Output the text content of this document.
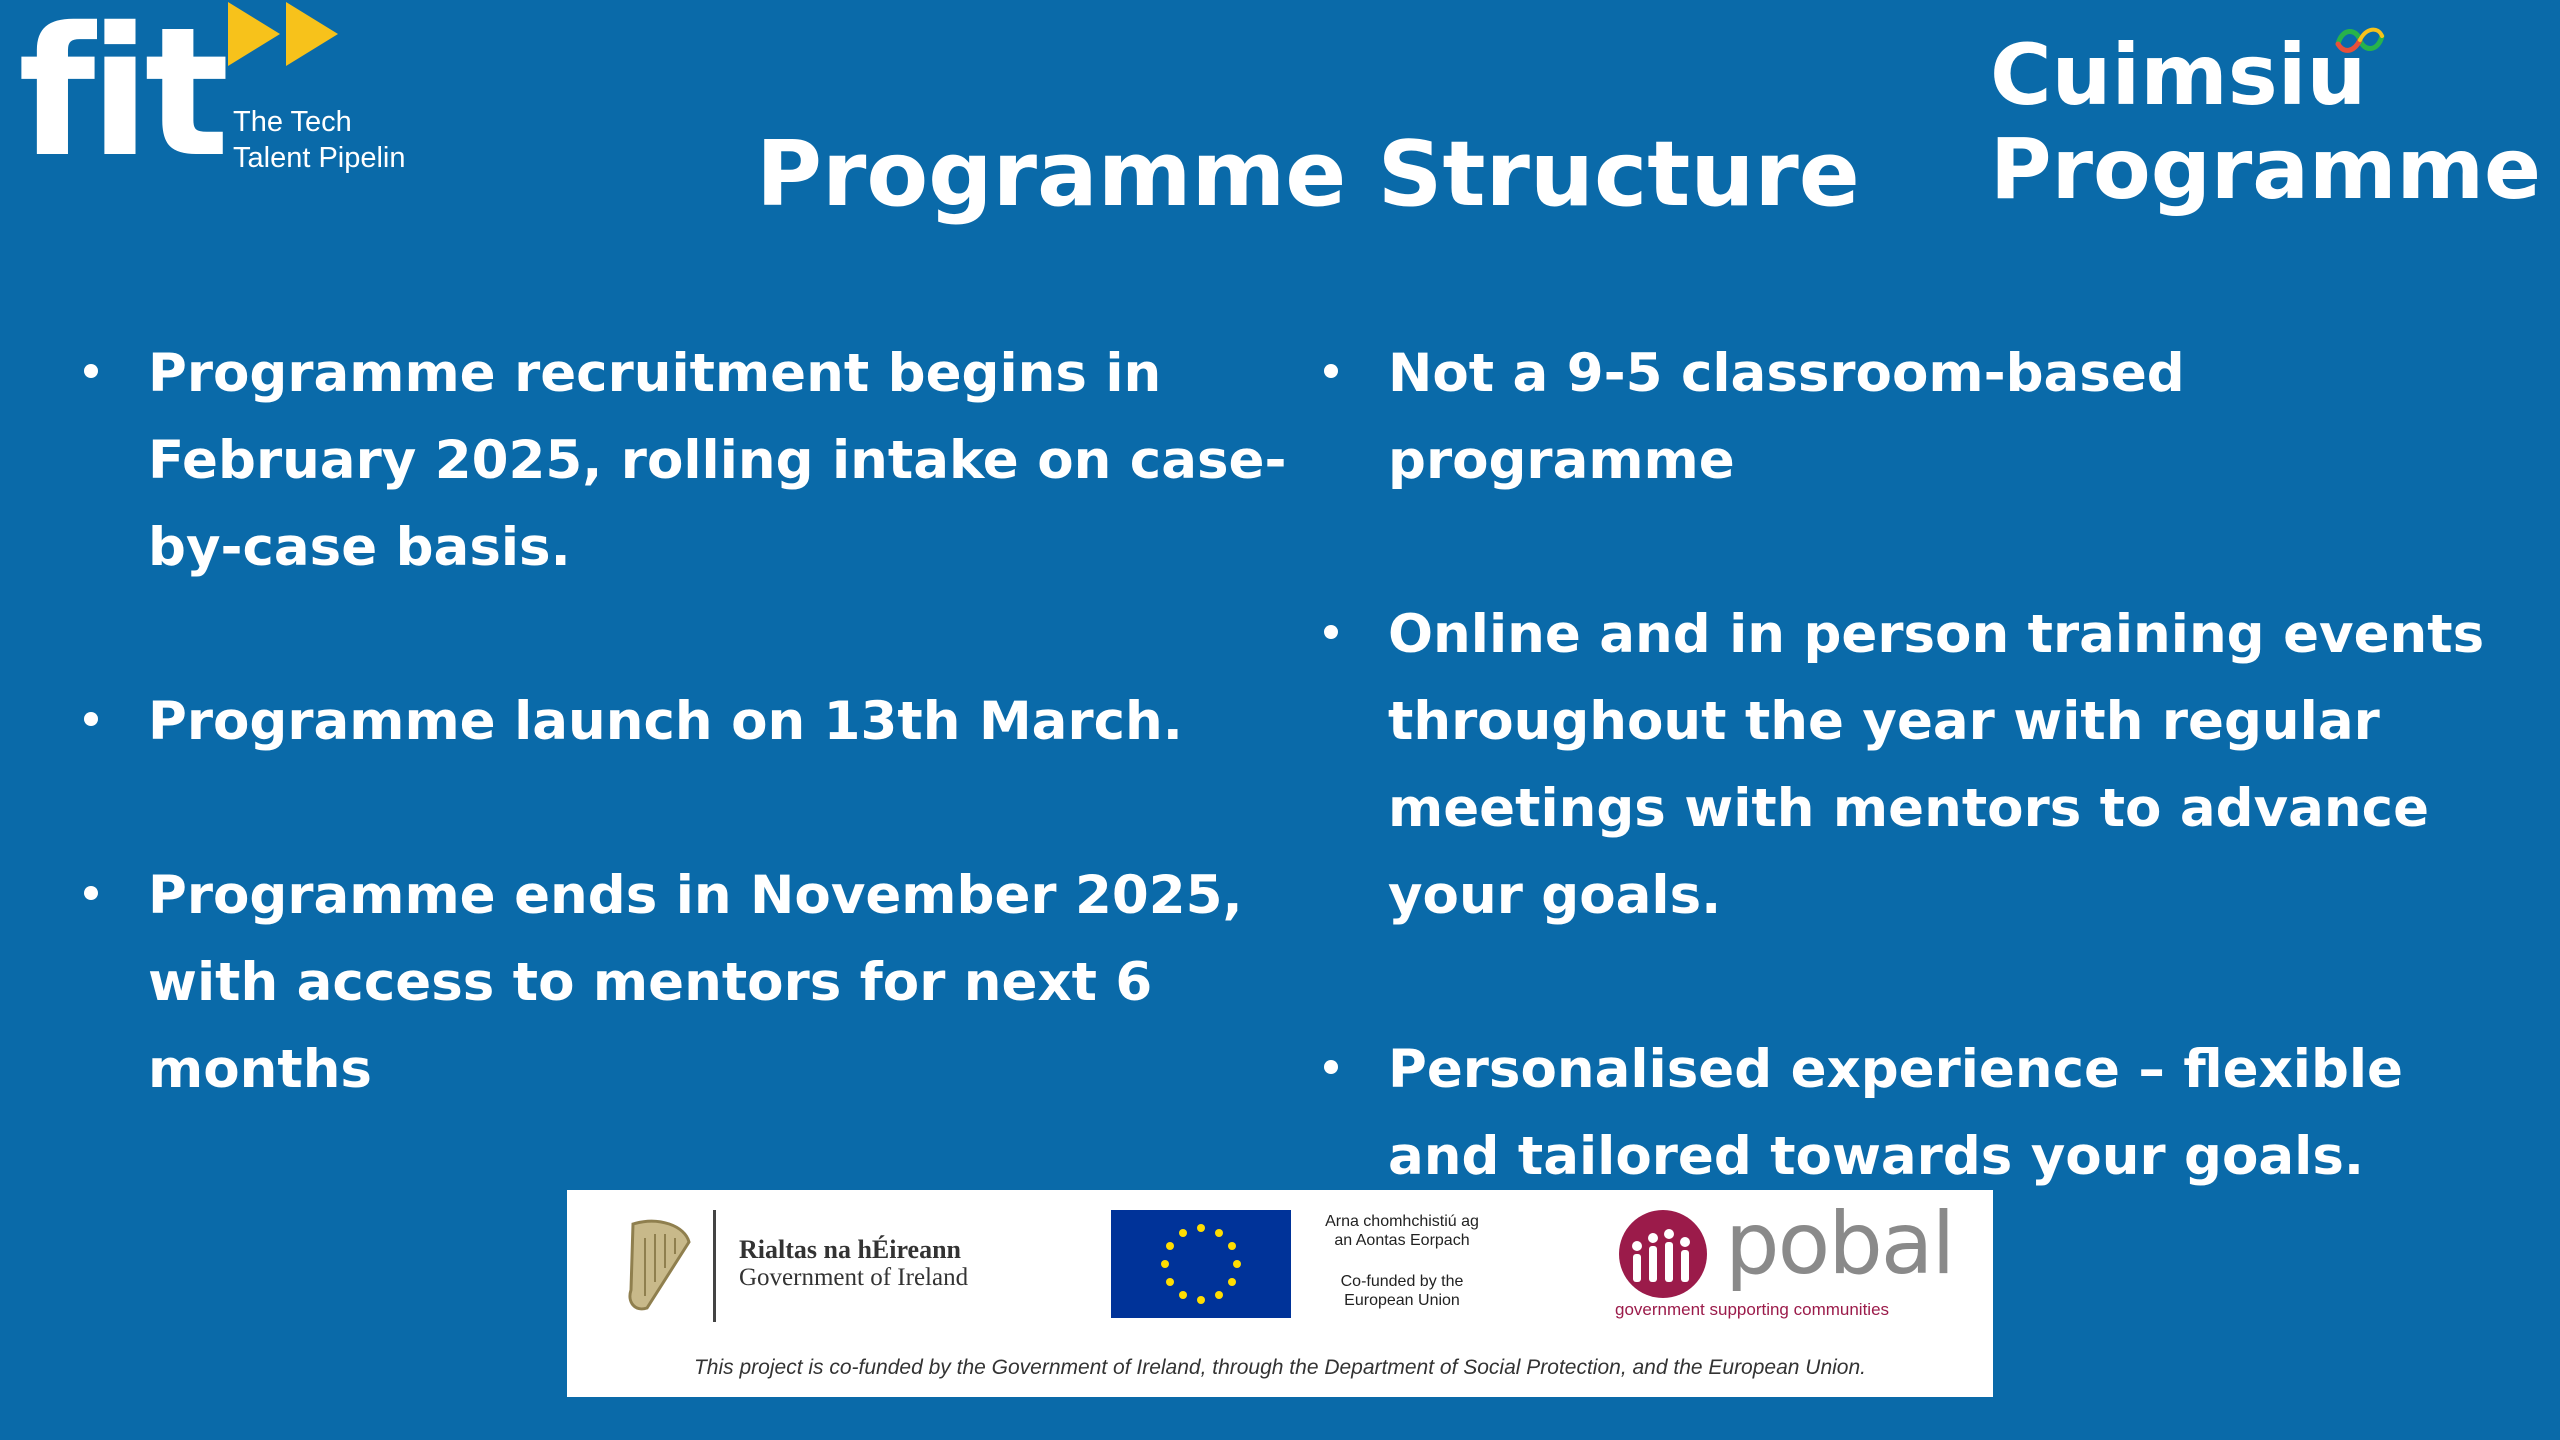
fit The Tech
Talent Pipelin	Programme Structure
Cuimsiu
Programme
Programme recruitment begins in February 2025, rolling intake on case-by-case basis.
Programme launch on 13th March.
Programme ends in November 2025, with access to mentors for next 6 months
Not a 9-5 classroom-based programme
Online and in person training events throughout the year with regular meetings with mentors to advance your goals.
Personalised experience – flexible and tailored towards your goals.
Rialtas na hÉireann
Government of Ireland
Arna chomhchistiú ag
an Aontas Eorpach
Co-funded by the
European Union
pobal
government supporting communities
This project is co-funded by the Government of Ireland, through the Department of Social Protection, and the European Union.
